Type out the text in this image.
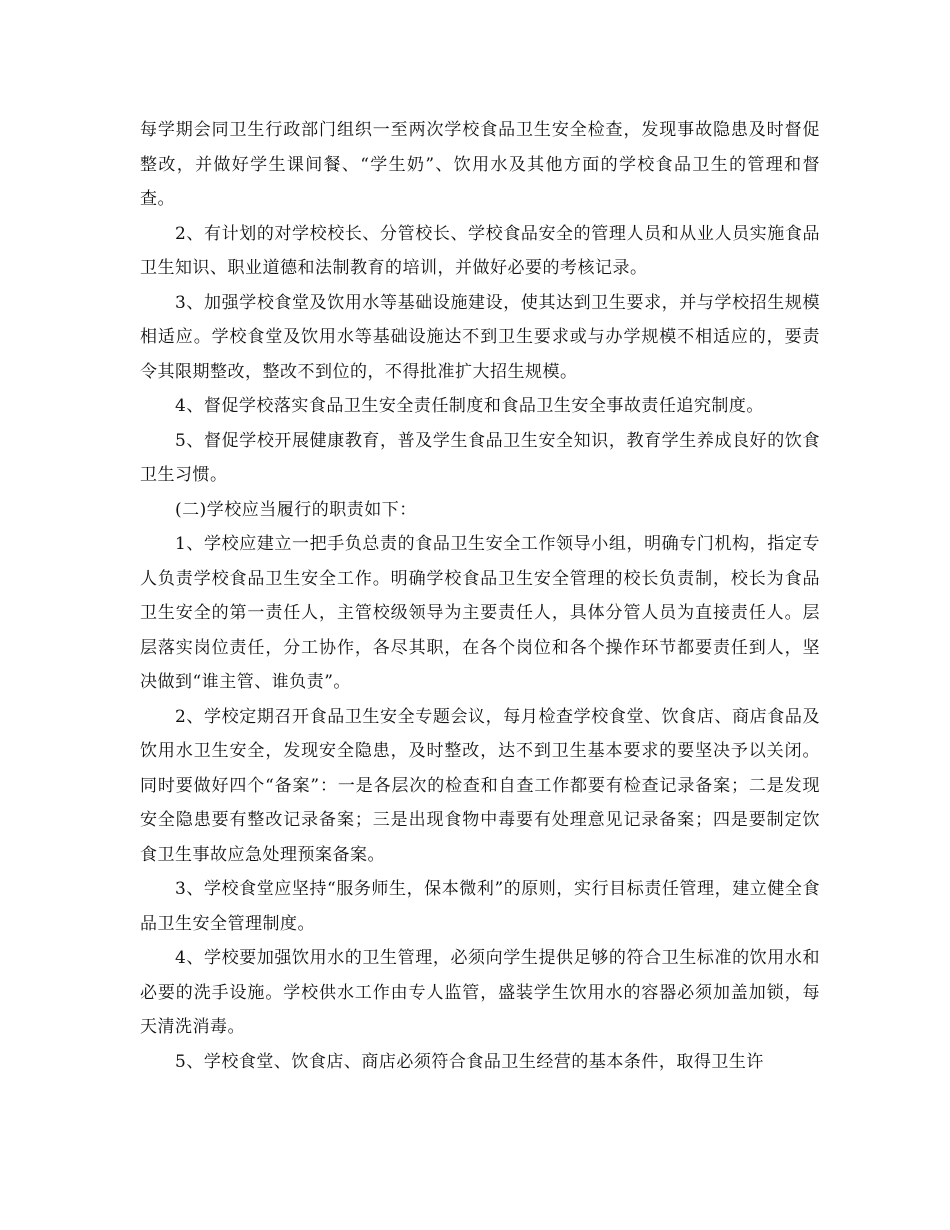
每学期会同卫生行政部门组织一至两次学校食品卫生安全检查，发现事故隐患及时督促整改，并做好学生课间餐、“学生奶”、饮用水及其他方面的学校食品卫生的管理和督查。

2、有计划的对学校校长、分管校长、学校食品安全的管理人员和从业人员实施食品卫生知识、职业道德和法制教育的培训，并做好必要的考核记录。

3、加强学校食堂及饮用水等基础设施建设，使其达到卫生要求，并与学校招生规模相适应。学校食堂及饮用水等基础设施达不到卫生要求或与办学规模不相适应的，要责令其限期整改，整改不到位的，不得批准扩大招生规模。

4、督促学校落实食品卫生安全责任制度和食品卫生安全事故责任追究制度。

5、督促学校开展健康教育，普及学生食品卫生安全知识，教育学生养成良好的饮食卫生习惯。

(二)学校应当履行的职责如下：

1、学校应建立一把手负总责的食品卫生安全工作领导小组，明确专门机构，指定专人负责学校食品卫生安全工作。明确学校食品卫生安全管理的校长负责制，校长为食品卫生安全的第一责任人，主管校级领导为主要责任人，具体分管人员为直接责任人。层层落实岗位责任，分工协作，各尽其职，在各个岗位和各个操作环节都要责任到人，坚决做到“谁主管、谁负责”。

2、学校定期召开食品卫生安全专题会议，每月检查学校食堂、饮食店、商店食品及饮用水卫生安全，发现安全隐患，及时整改，达不到卫生基本要求的要坚决予以关闭。同时要做好四个“备案”：一是各层次的检查和自查工作都要有检查记录备案；二是发现安全隐患要有整改记录备案；三是出现食物中毒要有处理意见记录备案；四是要制定饮食卫生事故应急处理预案备案。

3、学校食堂应坚持“服务师生，保本微利”的原则，实行目标责任管理，建立健全食品卫生安全管理制度。

4、学校要加强饮用水的卫生管理，必须向学生提供足够的符合卫生标准的饮用水和必要的洗手设施。学校供水工作由专人监管，盛装学生饮用水的容器必须加盖加锁，每天清洗消毒。

5、学校食堂、饮食店、商店必须符合食品卫生经营的基本条件，取得卫生许
